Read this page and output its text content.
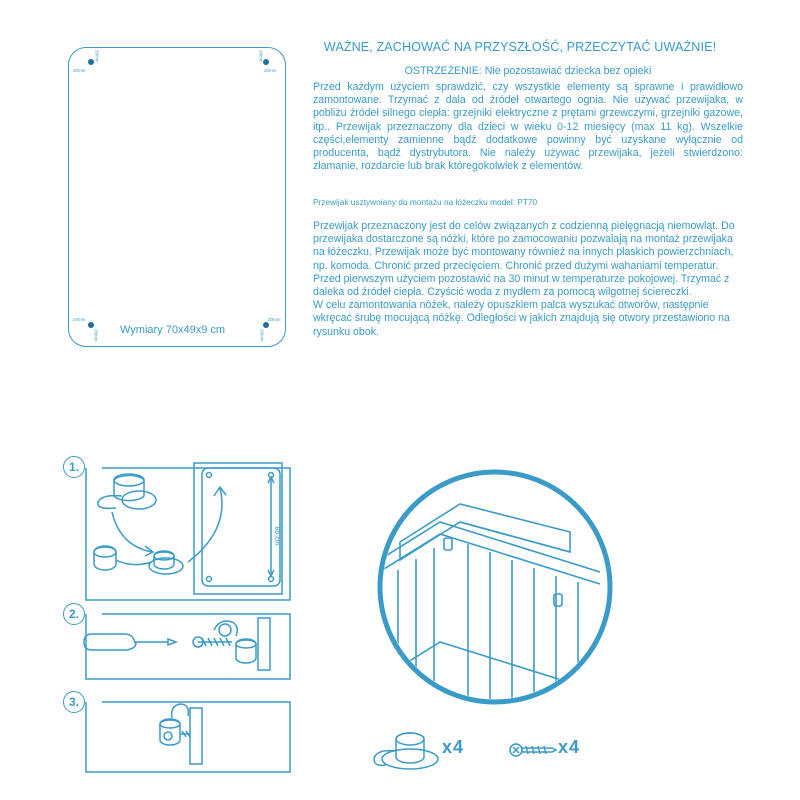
20mm
20mm
20mm
20mm
20mm
20mm
20mm
20mm
Wymiary 70x49x9 cm
WAŻNE, ZACHOWAĆ NA PRZYSZŁOŚĆ, PRZECZYTAĆ UWAŻNIE!
OSTRZEŻENIE: Nie pozostawiać dziecka bez opieki
Przed każdym użyciem sprawdzić, czy wszystkie elementy są sprawne i prawidłowo zamontowane. Trzymać z dala od źródeł otwartego ognia. Nie używać przewijaka, w pobliżu źródeł silnego ciepła: grzejniki elektryczne z prętami grzewczymi, grzejniki gazowe, itp.. Przewijak przeznaczony dla dzieci w wieku 0-12 miesięcy (max 11 kg). Wszelkie części,elementy zamienne bądź dodatkowe powinny być uzyskane wyłącznie od producenta, bądź dystrybutora. Nie należy używać przewijaka, jeżeli stwierdzono: złamanie, rozdarcie lub brak któregokolwiek z elementów.
Przewijak usztywniany do montażu na łóżeczku model: PT70
Przewijak przeznaczony jest do celów związanych z codzienną pielęgnacją niemowląt. Do przewijaka dostarczone są nóżki, które po zamocowaniu pozwalają na montaż przewijaka na łóżeczku. Przewijak może być montowany również na innych płaskich powierzchniach, np. komoda. Chronić przed przecięciem. Chronić przed dużymi wahaniami temperatur. Przed pierwszym użyciem pozostawić na 30 minut w temperaturze pokojowej. Trzymać z daleka od źródeł ciepła. Czyścić woda z mydłem za pomocą wilgotnej ściereczki.
W celu zamontowania nóżek, należy opuszkiem palca wyszukać otworów, następnie wkręcać śrubę mocującą nóżkę. Odległości w jakich znajdują się otwory przestawiono na rysunku obok.
86 cm
1.
2.
3.
x4	x4
